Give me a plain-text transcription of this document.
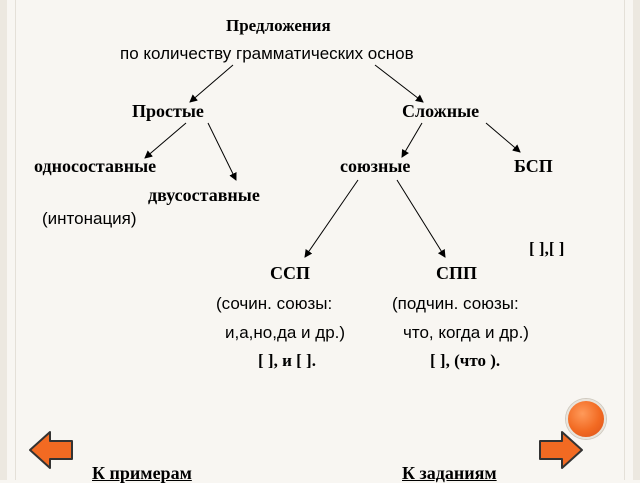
Предложения
по количеству грамматических основ
Простые	Сложные
односоставные	союзные	БСП
двусоставные
(интонация)
[ ],[ ]
ССП	СПП
(сочин. союзы:	(подчин. союзы:
и,а,но,да и др.)	что, когда и др.)
[ ], и [ ].	[ ], (что ).
К примерам	К заданиям
